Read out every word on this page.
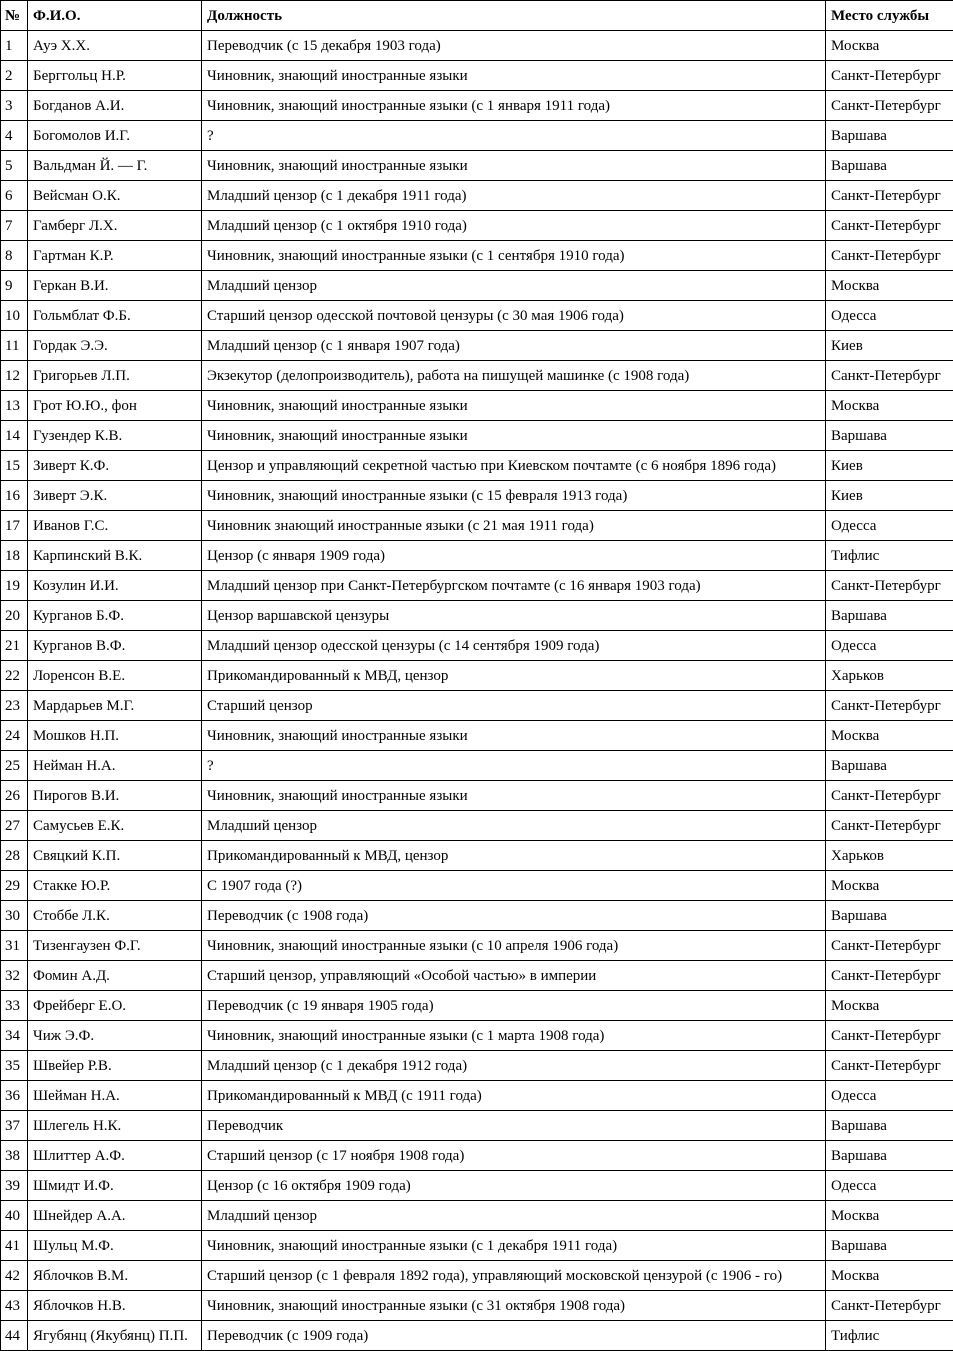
№	Ф.И.О.	Должность	Место службы
1	Ауэ Х.Х.	Переводчик (с 15 декабря 1903 года)	Москва
2	Берггольц Н.Р.	Чиновник, знающий иностранные языки	Санкт-Петербург
3	Богданов А.И.	Чиновник, знающий иностранные языки (с 1 января 1911 года)	Санкт-Петербург
4	Богомолов И.Г.	?	Варшава
5	Вальдман Й. — Г.	Чиновник, знающий иностранные языки	Варшава
6	Вейсман О.К.	Младший цензор (с 1 декабря 1911 года)	Санкт-Петербург
7	Гамберг Л.Х.	Младший цензор (с 1 октября 1910 года)	Санкт-Петербург
8	Гартман К.Р.	Чиновник, знающий иностранные языки (с 1 сентября 1910 года)	Санкт-Петербург
9	Геркан В.И.	Младший цензор	Москва
10	Гольмблат Ф.Б.	Старший цензор одесской почтовой цензуры (с 30 мая 1906 года)	Одесса
11	Гордак Э.Э.	Младший цензор (с 1 января 1907 года)	Киев
12	Григорьев Л.П.	Экзекутор (делопроизводитель), работа на пишущей машинке (с 1908 года)	Санкт-Петербург
13	Грот Ю.Ю., фон	Чиновник, знающий иностранные языки	Москва
14	Гузендер К.В.	Чиновник, знающий иностранные языки	Варшава
15	Зиверт К.Ф.	Цензор и управляющий секретной частью при Киевском почтамте (с 6 ноября 1896 года)	Киев
16	Зиверт Э.К.	Чиновник, знающий иностранные языки (с 15 февраля 1913 года)	Киев
17	Иванов Г.С.	Чиновник знающий иностранные языки (с 21 мая 1911 года)	Одесса
18	Карпинский В.К.	Цензор (с января 1909 года)	Тифлис
19	Козулин И.И.	Младший цензор при Санкт-Петербургском почтамте (с 16 января 1903 года)	Санкт-Петербург
20	Курганов Б.Ф.	Цензор варшавской цензуры	Варшава
21	Курганов В.Ф.	Младший цензор одесской цензуры (с 14 сентября 1909 года)	Одесса
22	Лоренсон В.Е.	Прикомандированный к МВД, цензор	Харьков
23	Мардарьев М.Г.	Старший цензор	Санкт-Петербург
24	Мошков Н.П.	Чиновник, знающий иностранные языки	Москва
25	Нейман Н.А.	?	Варшава
26	Пирогов В.И.	Чиновник, знающий иностранные языки	Санкт-Петербург
27	Самусьев Е.К.	Младший цензор	Санкт-Петербург
28	Свяцкий К.П.	Прикомандированный к МВД, цензор	Харьков
29	Стакке Ю.Р.	С 1907 года (?)	Москва
30	Стоббе Л.К.	Переводчик (с 1908 года)	Варшава
31	Тизенгаузен Ф.Г.	Чиновник, знающий иностранные языки (с 10 апреля 1906 года)	Санкт-Петербург
32	Фомин А.Д.	Старший цензор, управляющий «Особой частью» в империи	Санкт-Петербург
33	Фрейберг Е.О.	Переводчик (с 19 января 1905 года)	Москва
34	Чиж Э.Ф.	Чиновник, знающий иностранные языки (с 1 марта 1908 года)	Санкт-Петербург
35	Швейер Р.В.	Младший цензор (с 1 декабря 1912 года)	Санкт-Петербург
36	Шейман Н.А.	Прикомандированный к МВД (с 1911 года)	Одесса
37	Шлегель Н.К.	Переводчик	Варшава
38	Шлиттер А.Ф.	Старший цензор (с 17 ноября 1908 года)	Варшава
39	Шмидт И.Ф.	Цензор (с 16 октября 1909 года)	Одесса
40	Шнейдер А.А.	Младший цензор	Москва
41	Шульц М.Ф.	Чиновник, знающий иностранные языки (с 1 декабря 1911 года)	Варшава
42	Яблочков В.М.	Старший цензор (с 1 февраля 1892 года), управляющий московской цензурой (с 1906 ‑ го)	Москва
43	Яблочков Н.В.	Чиновник, знающий иностранные языки (с 31 октября 1908 года)	Санкт-Петербург
44	Ягубянц (Якубянц) П.П.	Переводчик (с 1909 года)	Тифлис
